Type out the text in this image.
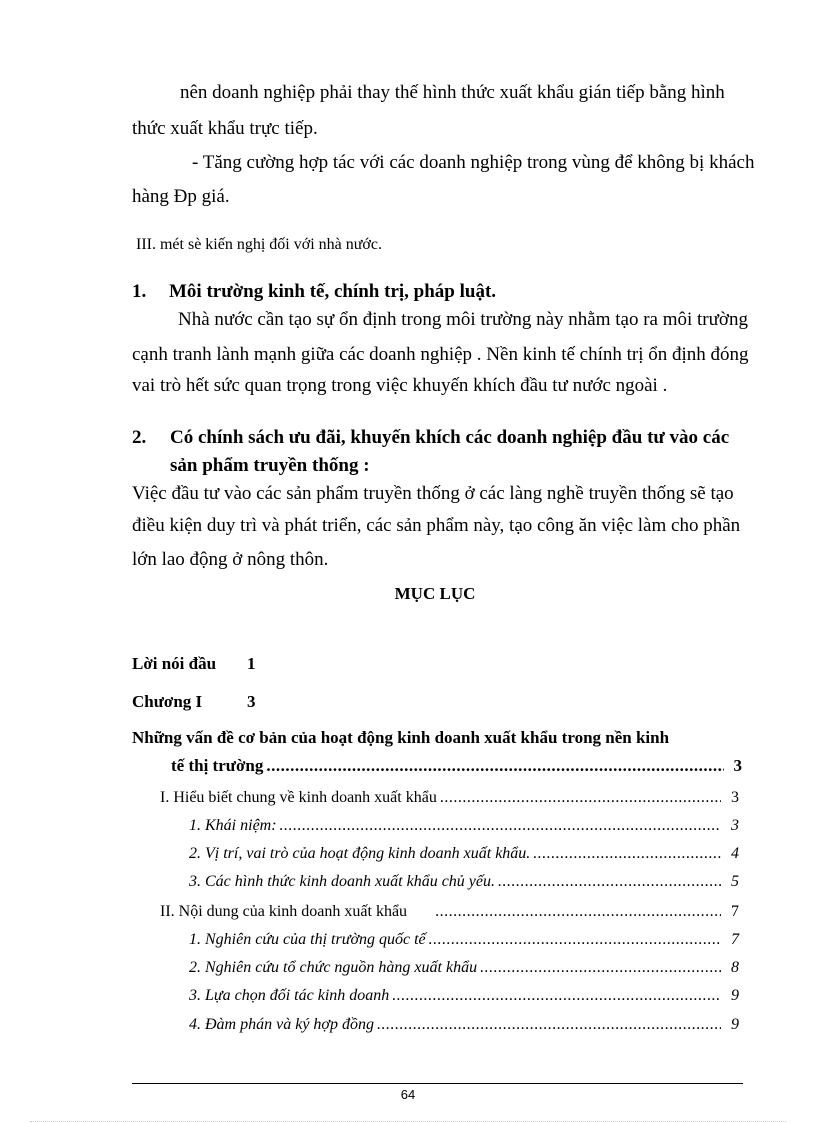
nên doanh nghiệp phải thay thế hình thức xuất khẩu gián tiếp bằng hình
thức xuất khẩu trực tiếp.
- Tăng cường hợp tác với các doanh nghiệp trong vùng để không bị khách
hàng Ðp giá.
III. mét sè kiến nghị đối với nhà nước.
1. Môi trường kinh tế, chính trị, pháp luật.
Nhà nước cần tạo sự ổn định trong môi trường này nhằm tạo ra môi trường
cạnh tranh lành mạnh giữa các doanh nghiệp . Nền kinh tế chính trị ổn định đóng
vai trò hết sức quan trọng trong việc khuyến khích đầu tư nước ngoài .
2. Có chính sách ưu đãi, khuyến khích các doanh nghiệp đầu tư vào các
sản phẩm truyền thống :
Việc đầu tư vào các sản phẩm truyền thống ở các làng nghề truyền thống sẽ tạo
điều kiện duy trì và phát triển, các sản phẩm này, tạo công ăn việc làm cho phần
lớn lao động ở nông thôn.
MỤC LỤC
Lời nói đầu 1
Chương I	3
Những vấn đề cơ bản của hoạt động kinh doanh xuất khẩu trong nền kinh
tế thị trường .....	3
I. Hiểu biết chung về kinh doanh xuất khẩu .....	3
1. Khái niệm: .....	3
2. Vị trí, vai trò của hoạt động kinh doanh xuất khẩu. .....	4
3. Các hình thức kinh doanh xuất khẩu chủ yếu. .....	5
II. Nội dung của kinh doanh xuất khẩu .....	7
1. Nghiên cứu của thị trường quốc tế .....	7
2. Nghiên cứu tổ chức nguồn hàng xuất khẩu .....	8
3. Lựa chọn đối tác kinh doanh .....	9
4. Đàm phán và ký hợp đồng .....	9
64
